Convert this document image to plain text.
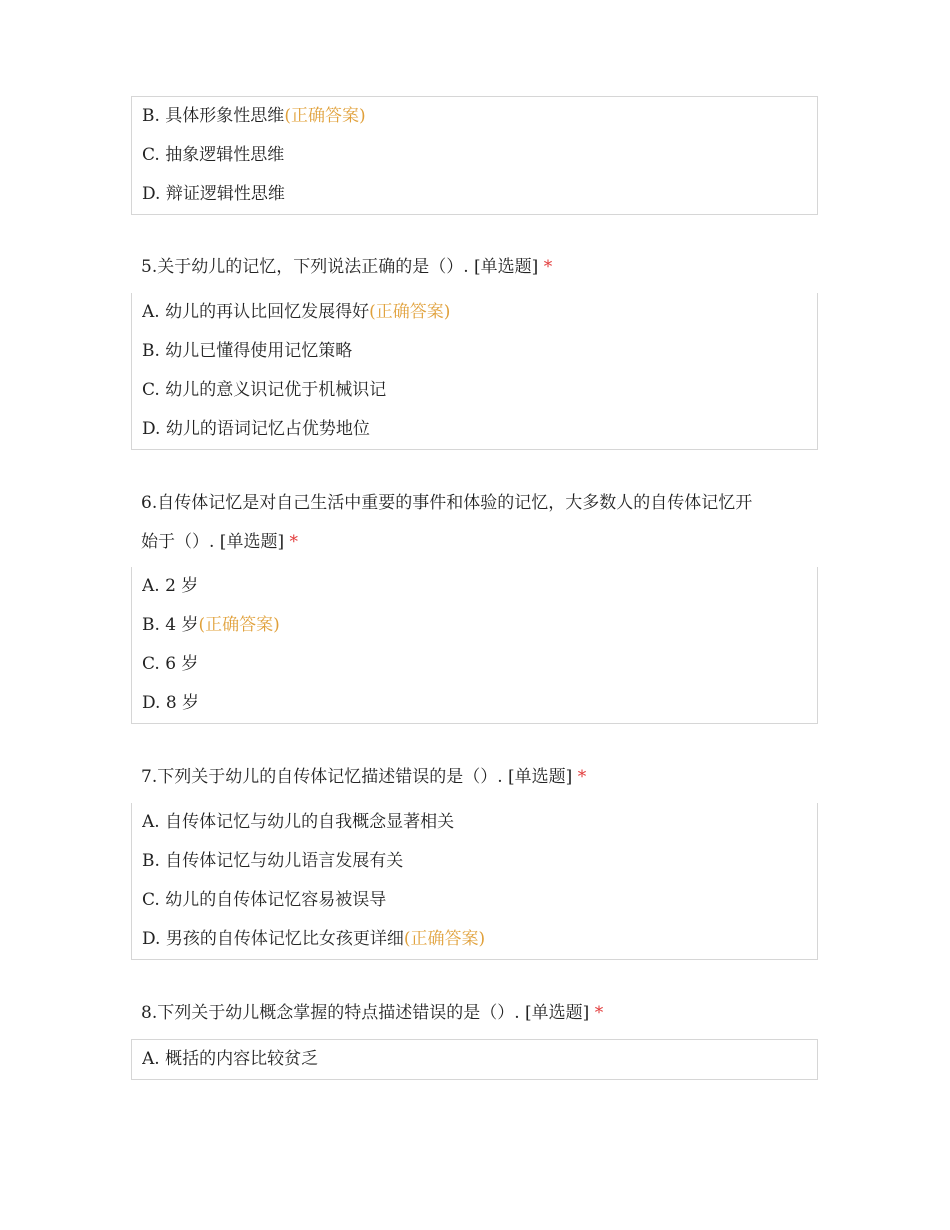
B. 具体形象性思维(正确答案)
C. 抽象逻辑性思维
D. 辩证逻辑性思维
5.关于幼儿的记忆，下列说法正确的是（）. [单选题] *
A. 幼儿的再认比回忆发展得好(正确答案)
B. 幼儿已懂得使用记忆策略
C. 幼儿的意义识记优于机械识记
D. 幼儿的语词记忆占优势地位
6.自传体记忆是对自己生活中重要的事件和体验的记忆，大多数人的自传体记忆开
始于（）. [单选题] *
A. 2 岁
B. 4 岁(正确答案)
C. 6 岁
D. 8 岁
7.下列关于幼儿的自传体记忆描述错误的是（）. [单选题] *
A. 自传体记忆与幼儿的自我概念显著相关
B. 自传体记忆与幼儿语言发展有关
C. 幼儿的自传体记忆容易被误导
D. 男孩的自传体记忆比女孩更详细(正确答案)
8.下列关于幼儿概念掌握的特点描述错误的是（）. [单选题] *
A. 概括的内容比较贫乏
